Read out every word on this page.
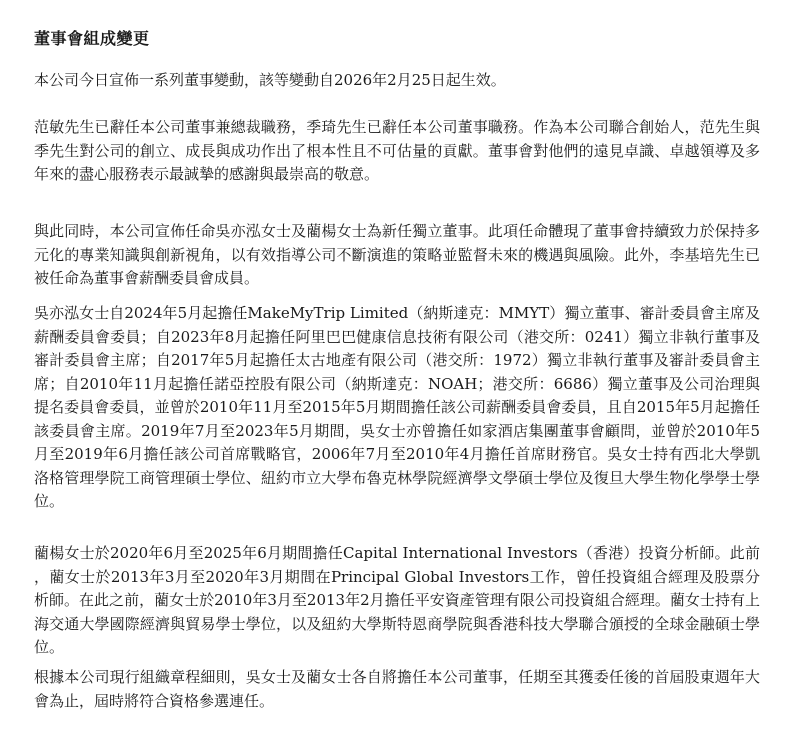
董事會組成變更

本公司今日宣佈一系列董事變動，該等變動自2026年2月25日起生效。

范敏先生已辭任本公司董事兼總裁職務，季琦先生已辭任本公司董事職務。作為本公司聯合創始人，范先生與季先生對公司的創立、成長與成功作出了根本性且不可估量的貢獻。董事會對他們的遠見卓識、卓越領導及多年來的盡心服務表示最誠摯的感謝與最崇高的敬意。

與此同時，本公司宣佈任命吳亦泓女士及藺楊女士為新任獨立董事。此項任命體現了董事會持續致力於保持多元化的專業知識與創新視角，以有效指導公司不斷演進的策略並監督未來的機遇與風險。此外，李基培先生已被任命為董事會薪酬委員會成員。

吳亦泓女士自2024年5月起擔任MakeMyTrip Limited（納斯達克：MMYT）獨立董事、審計委員會主席及薪酬委員會委員；自2023年8月起擔任阿里巴巴健康信息技術有限公司（港交所：0241）獨立非執行董事及審計委員會主席；自2017年5月起擔任太古地產有限公司（港交所：1972）獨立非執行董事及審計委員會主席；自2010年11月起擔任諾亞控股有限公司（納斯達克：NOAH；港交所：6686）獨立董事及公司治理與提名委員會委員，並曾於2010年11月至2015年5月期間擔任該公司薪酬委員會委員，且自2015年5月起擔任該委員會主席。2019年7月至2023年5月期間，吳女士亦曾擔任如家酒店集團董事會顧問，並曾於2010年5月至2019年6月擔任該公司首席戰略官，2006年7月至2010年4月擔任首席財務官。吳女士持有西北大學凱洛格管理學院工商管理碩士學位、紐約市立大學布魯克林學院經濟學文學碩士學位及復旦大學生物化學學士學位。

藺楊女士於2020年6月至2025年6月期間擔任Capital International Investors（香港）投資分析師。此前，藺女士於2013年3月至2020年3月期間在Principal Global Investors工作，曾任投資組合經理及股票分析師。在此之前，藺女士於2010年3月至2013年2月擔任平安資產管理有限公司投資組合經理。藺女士持有上海交通大學國際經濟與貿易學士學位，以及紐約大學斯特恩商學院與香港科技大學聯合頒授的全球金融碩士學位。

根據本公司現行組織章程細則，吳女士及藺女士各自將擔任本公司董事，任期至其獲委任後的首屆股東週年大會為止，屆時將符合資格參選連任。
